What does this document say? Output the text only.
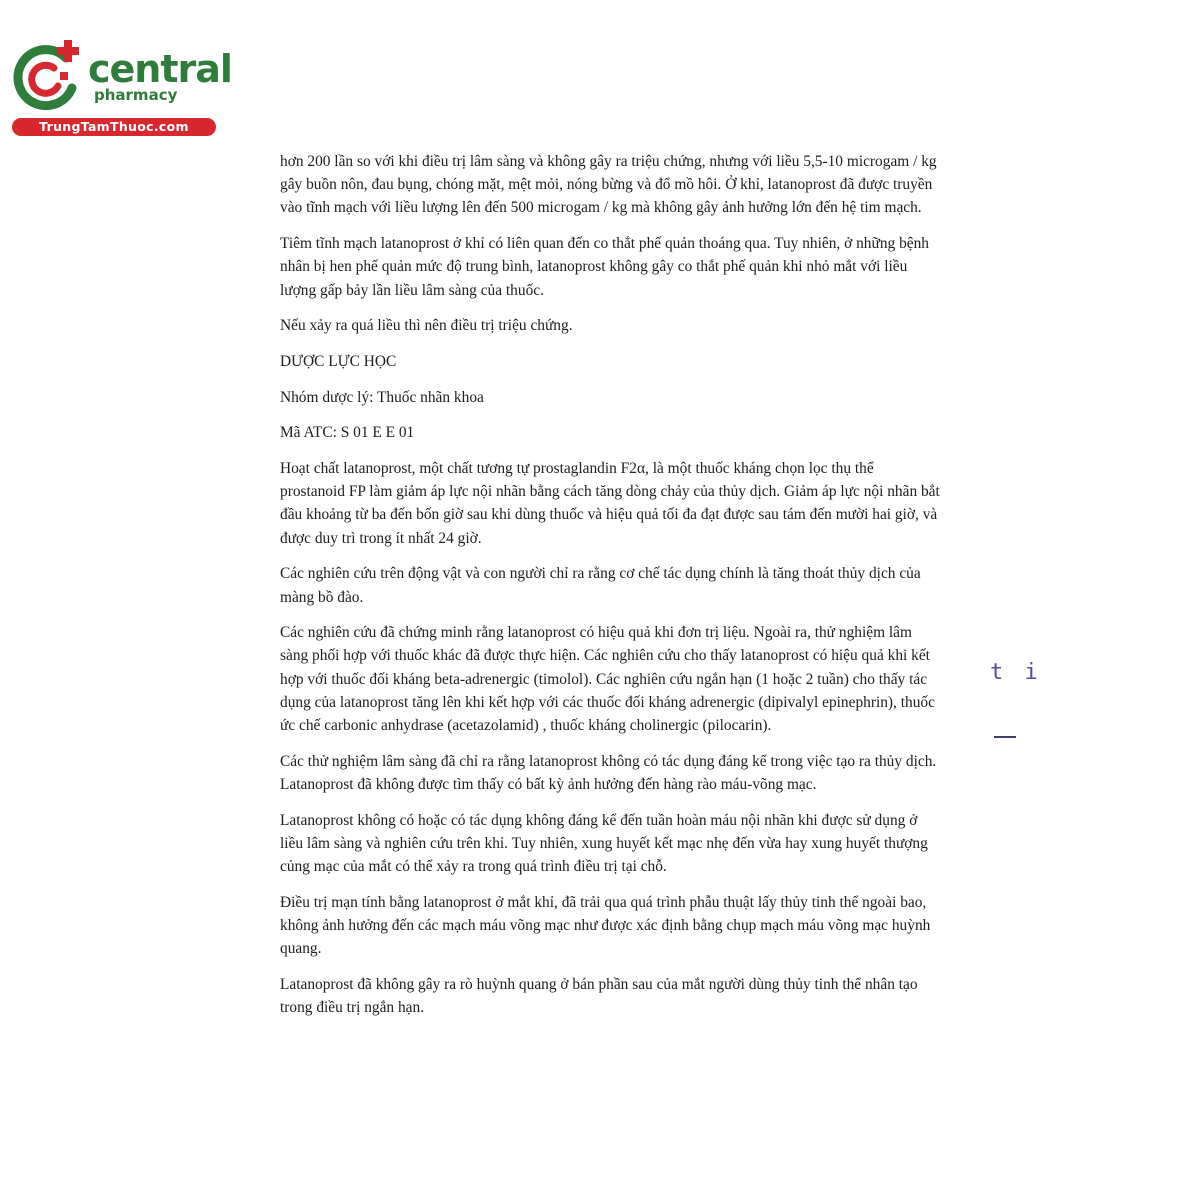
central
pharmacy
TrungTamThuoc.com

hơn 200 lần so với khi điều trị lâm sàng và không gây ra triệu chứng, nhưng với liều 5,5-10 microgam / kg gây buồn nôn, đau bụng, chóng mặt, mệt mỏi, nóng bừng và đổ mồ hôi. Ở khỉ, latanoprost đã được truyền vào tĩnh mạch với liều lượng lên đến 500 microgam / kg mà không gây ảnh hưởng lớn đến hệ tim mạch.

Tiêm tĩnh mạch latanoprost ở khỉ có liên quan đến co thắt phế quản thoáng qua. Tuy nhiên, ở những bệnh nhân bị hen phế quản mức độ trung bình, latanoprost không gây co thắt phế quản khi nhỏ mắt với liều lượng gấp bảy lần liều lâm sàng của thuốc.

Nếu xảy ra quá liều thì nên điều trị triệu chứng.

DƯỢC LỰC HỌC

Nhóm dược lý: Thuốc nhãn khoa

Mã ATC: S 01 E E 01

Hoạt chất latanoprost, một chất tương tự prostaglandin F2α, là một thuốc kháng chọn lọc thụ thể prostanoid FP làm giảm áp lực nội nhãn bằng cách tăng dòng chảy của thủy dịch. Giảm áp lực nội nhãn bắt đầu khoảng từ ba đến bốn giờ sau khi dùng thuốc và hiệu quả tối đa đạt được sau tám đến mười hai giờ, và được duy trì trong ít nhất 24 giờ.

Các nghiên cứu trên động vật và con người chỉ ra rằng cơ chế tác dụng chính là tăng thoát thủy dịch của màng bồ đào.

Các nghiên cứu đã chứng minh rằng latanoprost có hiệu quả khi đơn trị liệu. Ngoài ra, thử nghiệm lâm sàng phối hợp với thuốc khác đã được thực hiện. Các nghiên cứu cho thấy latanoprost có hiệu quả khi kết hợp với thuốc đối kháng beta-adrenergic (timolol). Các nghiên cứu ngắn hạn (1 hoặc 2 tuần) cho thấy tác dụng của latanoprost tăng lên khi kết hợp với các thuốc đối kháng adrenergic (dipivalyl epinephrin), thuốc ức chế carbonic anhydrase (acetazolamid) , thuốc kháng cholinergic (pilocarin).

Các thử nghiệm lâm sàng đã chỉ ra rằng latanoprost không có tác dụng đáng kể trong việc tạo ra thủy dịch. Latanoprost đã không được tìm thấy có bất kỳ ảnh hưởng đến hàng rào máu-võng mạc.

Latanoprost không có hoặc có tác dụng không đáng kể đến tuần hoàn máu nội nhãn khi được sử dụng ở liều lâm sàng và nghiên cứu trên khỉ. Tuy nhiên, xung huyết kết mạc nhẹ đến vừa hay xung huyết thượng củng mạc của mắt có thể xảy ra trong quá trình điều trị tại chỗ.

Điều trị mạn tính bằng latanoprost ở mắt khỉ, đã trải qua quá trình phẫu thuật lấy thủy tinh thể ngoài bao, không ảnh hưởng đến các mạch máu võng mạc như được xác định bằng chụp mạch máu võng mạc huỳnh quang.

Latanoprost đã không gây ra rò huỳnh quang ở bán phần sau của mắt người dùng thủy tinh thể nhân tạo trong điều trị ngắn hạn.

t i
